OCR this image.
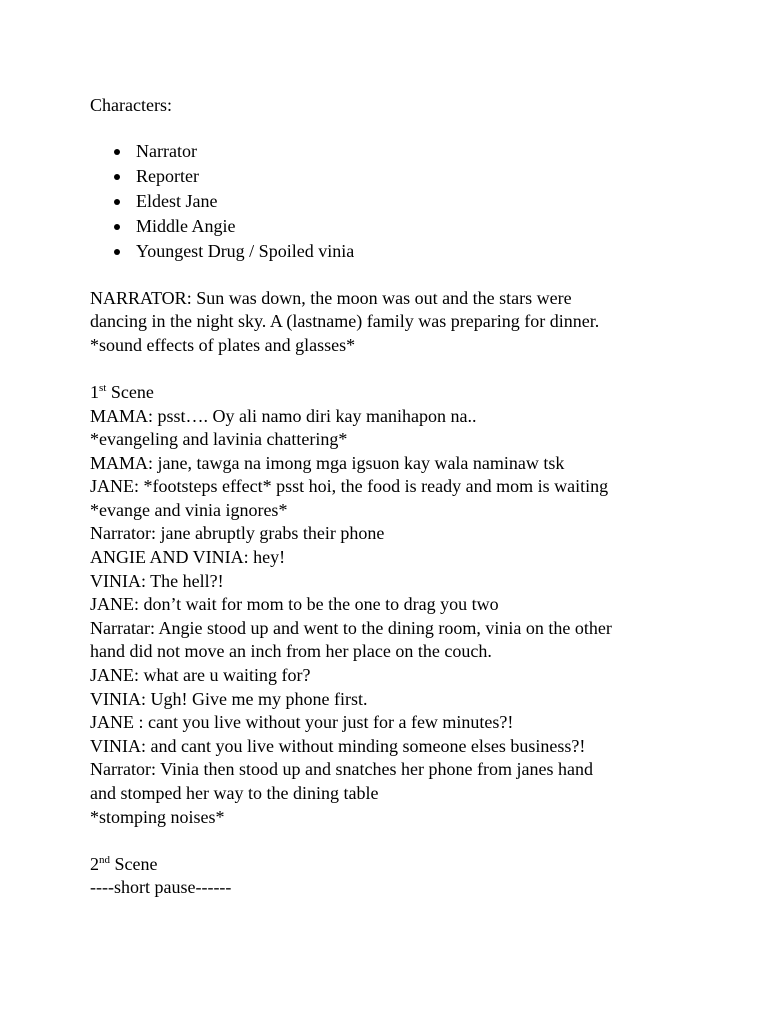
Characters:

Narrator
Reporter
Eldest Jane
Middle Angie
Youngest Drug / Spoiled vinia

NARRATOR: Sun was down, the moon was out and the stars were

dancing in the night sky. A (lastname) family was preparing for dinner.

*sound effects of plates and glasses*

1st Scene

MAMA: psst…. Oy ali namo diri kay manihapon na..

*evangeling and lavinia chattering*

MAMA: jane, tawga na imong mga igsuon kay wala naminaw tsk

JANE: *footsteps effect* psst hoi, the food is ready and mom is waiting

*evange and vinia ignores*

Narrator: jane abruptly grabs their phone

ANGIE AND VINIA: hey!

VINIA: The hell?!

JANE: don’t wait for mom to be the one to drag you two

Narratar: Angie stood up and went to the dining room, vinia on the other

hand did not move an inch from her place on the couch.

JANE: what are u waiting for?

VINIA: Ugh! Give me my phone first.

JANE : cant you live without your just for a few minutes?!

VINIA: and cant you live without minding someone elses business?!

Narrator: Vinia then stood up and snatches her phone from janes hand

and stomped her way to the dining table

*stomping noises*

2nd Scene

----short pause------
